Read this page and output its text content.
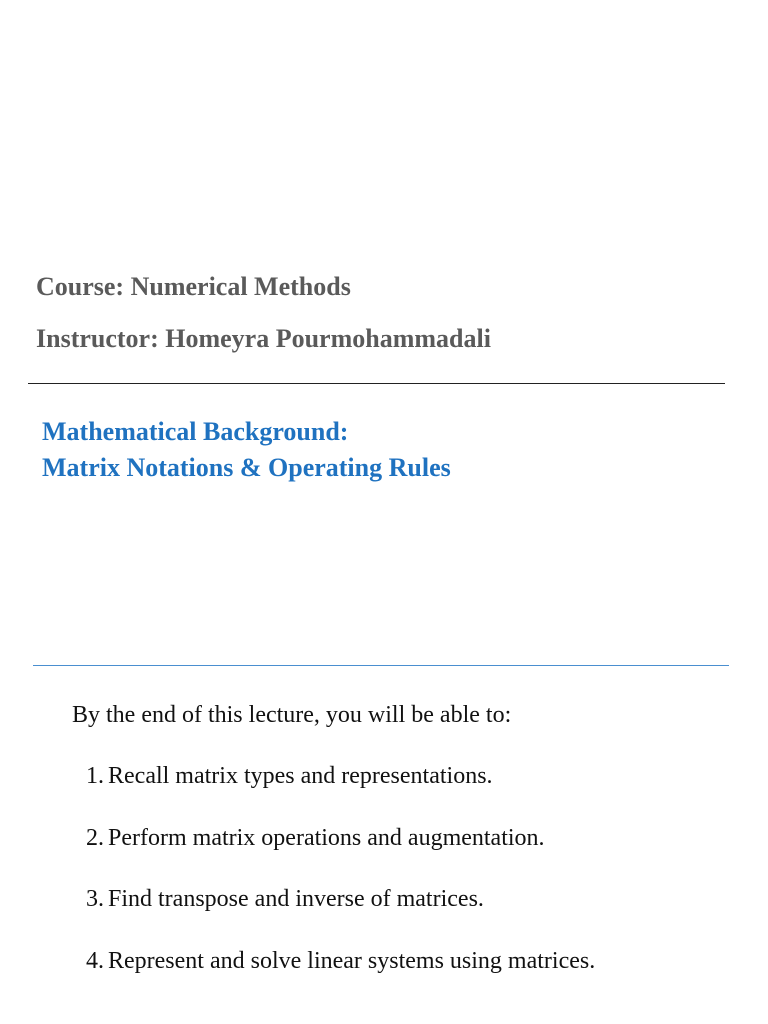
Course: Numerical Methods

Instructor: Homeyra Pourmohammadali

Mathematical Background:
Matrix Notations & Operating Rules

By the end of this lecture, you will be able to:

1. Recall matrix types and representations.
2. Perform matrix operations and augmentation.
3. Find transpose and inverse of matrices.
4. Represent and solve linear systems using matrices.
